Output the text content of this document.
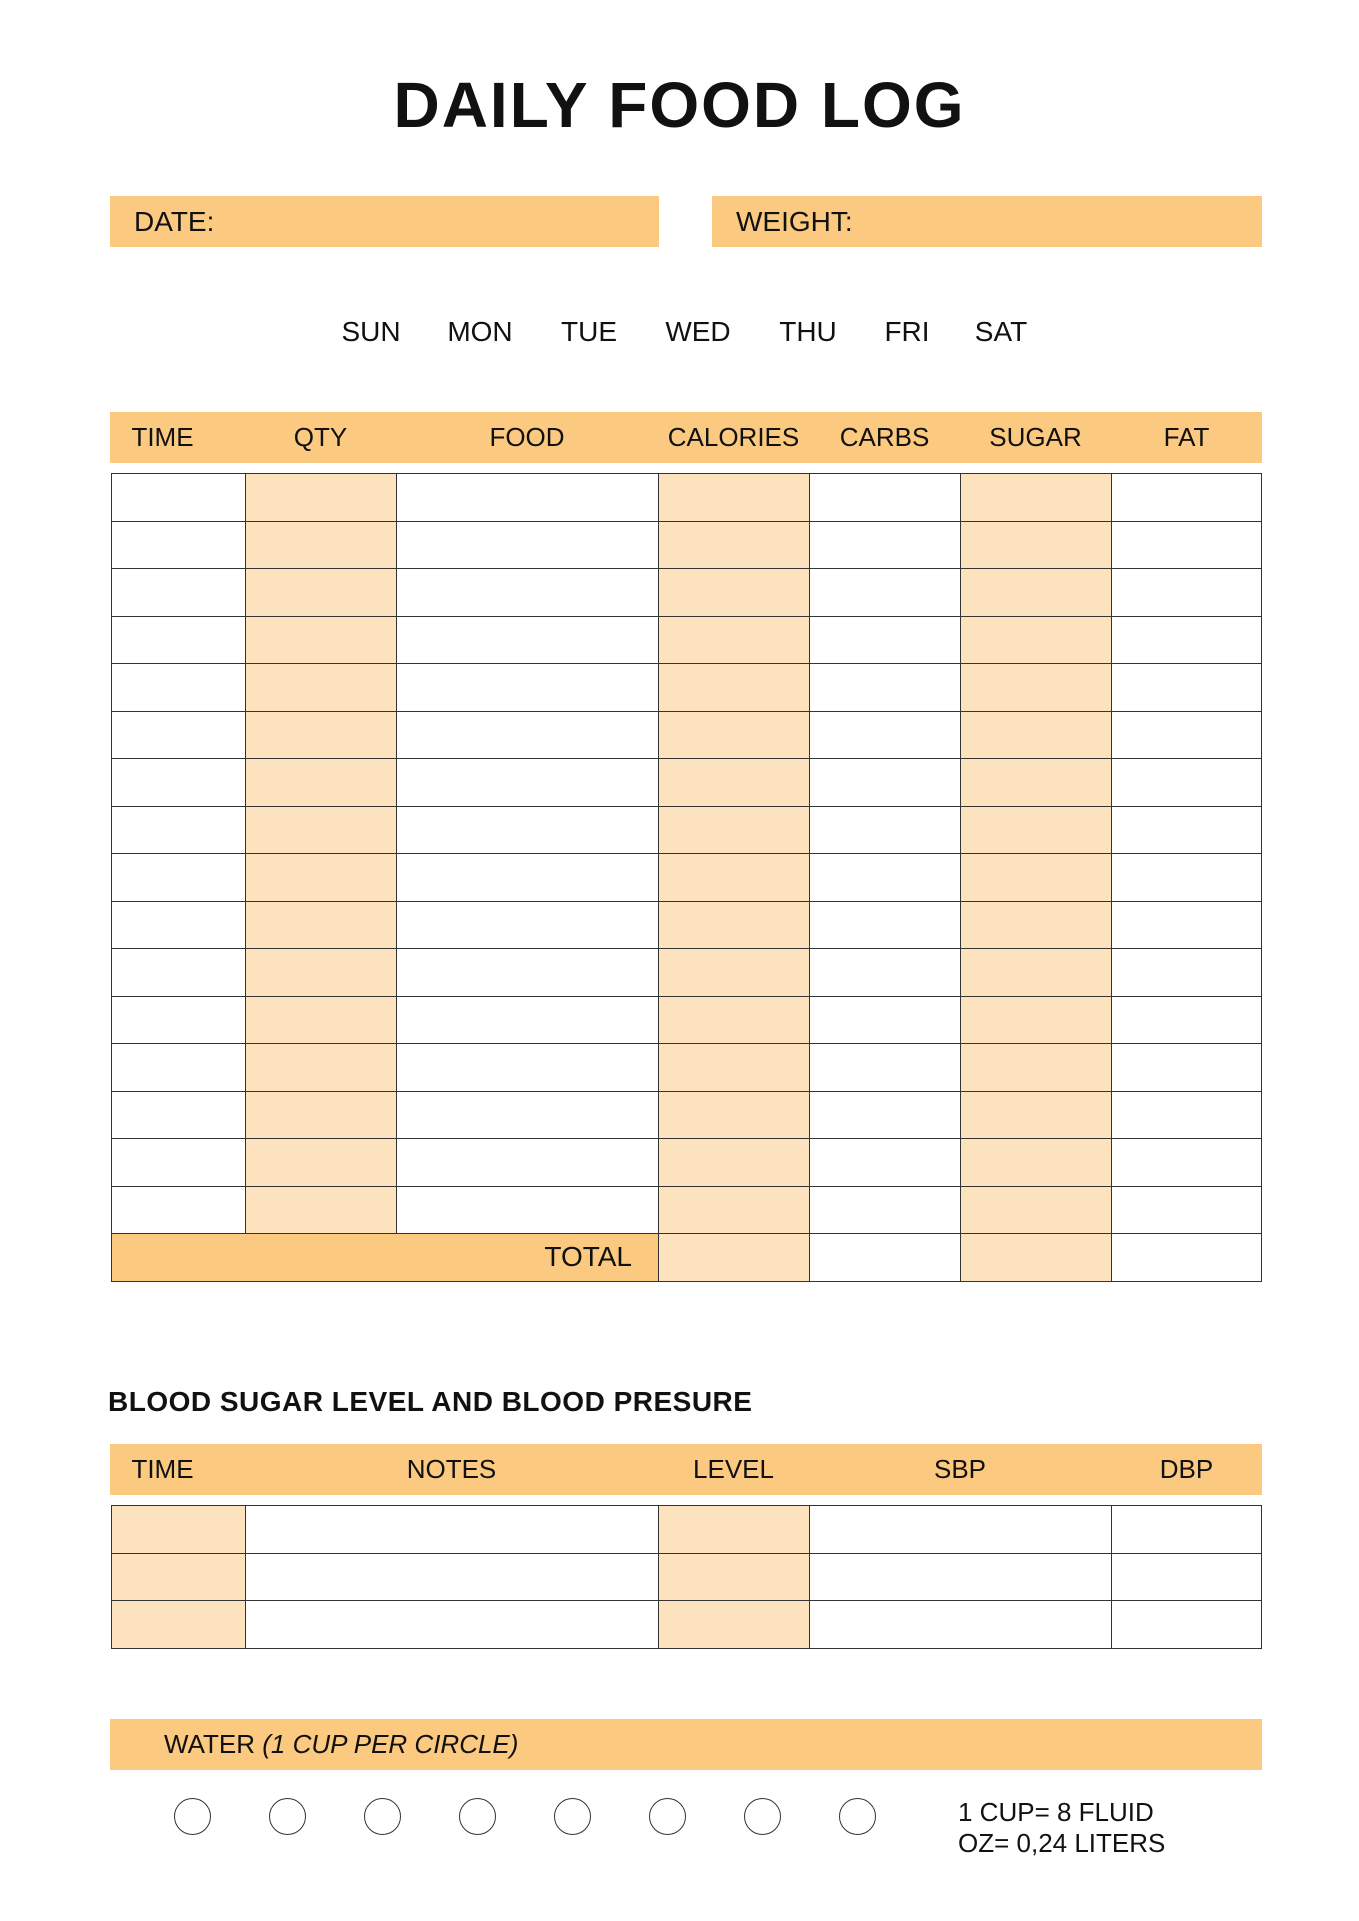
DAILY FOOD LOG
DATE:	WEIGHT:
SUN	MON	TUE	WED	THU	FRI	SAT
TIME	QTY	FOOD	CALORIES	CARBS	SUGAR	FAT

TOTAL						
BLOOD SUGAR LEVEL AND BLOOD PRESURE
TIME	NOTES	LEVEL	SBP	DBP

WATER (1 CUP PER CIRCLE)
1 CUP= 8 FLUID
OZ= 0,24 LITERS
